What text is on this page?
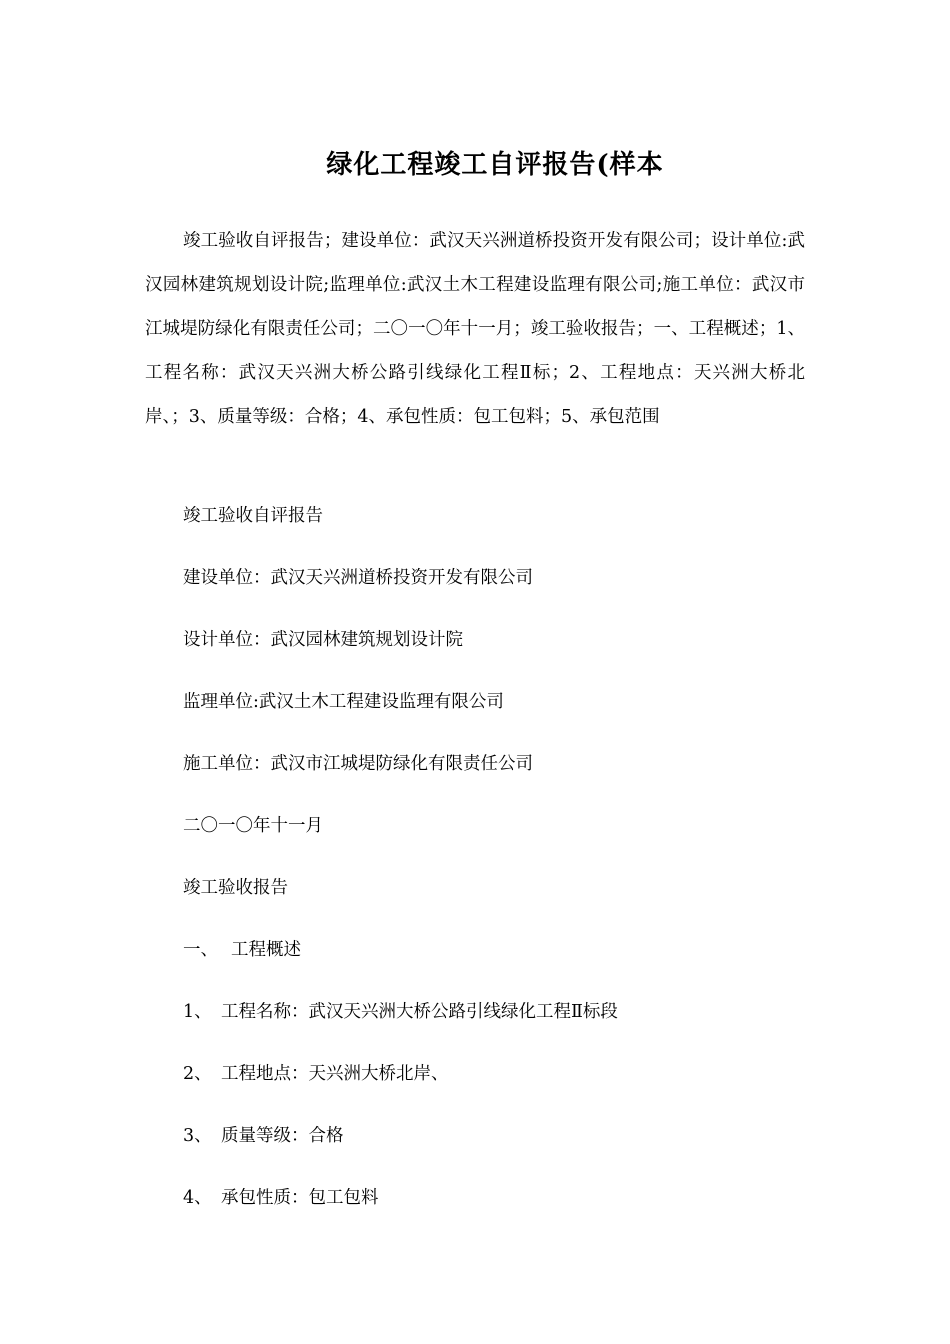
绿化工程竣工自评报告(样本

竣工验收自评报告；建设单位：武汉天兴洲道桥投资开发有限公司；设计单位:武汉园林建筑规划设计院;监理单位:武汉土木工程建设监理有限公司;施工单位：武汉市江城堤防绿化有限责任公司；二〇一〇年十一月；竣工验收报告；一、工程概述；1、工程名称：武汉天兴洲大桥公路引线绿化工程Ⅱ标；2、工程地点：天兴洲大桥北岸、；3、质量等级：合格；4、承包性质：包工包料；5、承包范围

竣工验收自评报告

建设单位：武汉天兴洲道桥投资开发有限公司

设计单位：武汉园林建筑规划设计院

监理单位:武汉土木工程建设监理有限公司

施工单位：武汉市江城堤防绿化有限责任公司

二〇一〇年十一月

竣工验收报告

一、 工程概述

1、 工程名称：武汉天兴洲大桥公路引线绿化工程Ⅱ标段

2、 工程地点：天兴洲大桥北岸、

3、 质量等级：合格

4、 承包性质：包工包料
